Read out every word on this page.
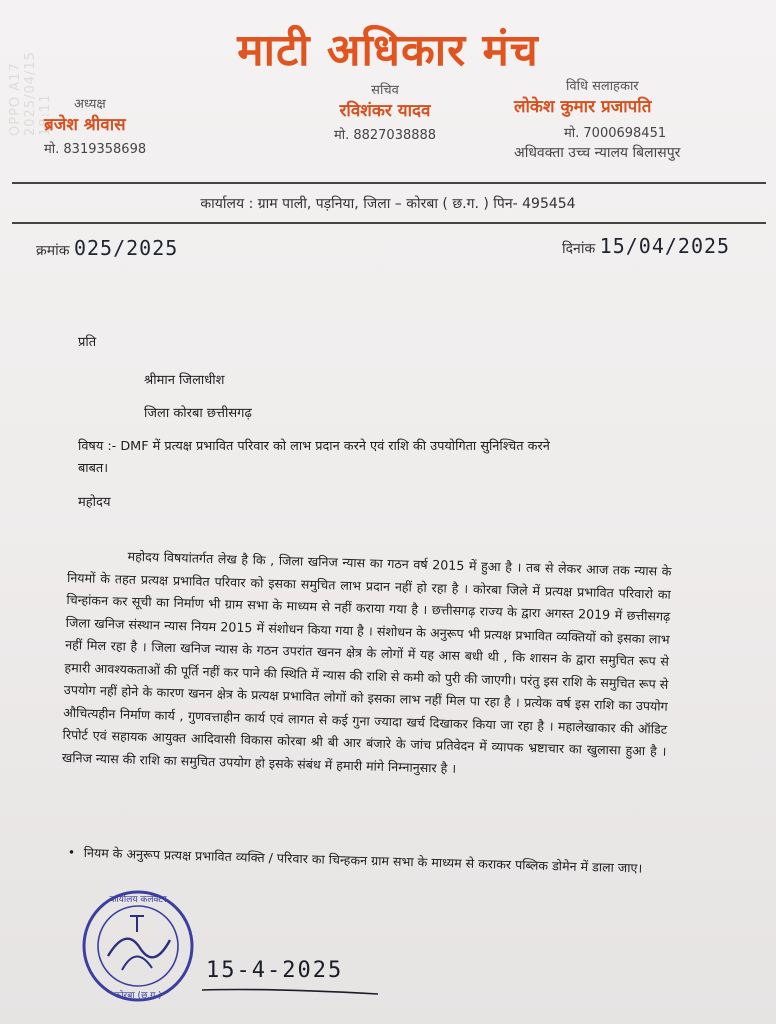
OPPO A17 2025/04/15 18:11
माटी अधिकार मंच
अध्यक्ष
ब्रजेश श्रीवास
मो. 8319358698
सचिव
रविशंकर यादव
मो. 8827038888
विधि सलाहकार
लोकेश कुमार प्रजापति
मो. 7000698451
अधिवक्ता उच्च न्यालय बिलासपुर
कार्यालय : ग्राम पाली, पड़निया, जिला – कोरबा ( छ.ग. ) पिन- 495454
क्रमांक 025/2025	दिनांक 15/04/2025
प्रति
श्रीमान जिलाधीश
जिला कोरबा छत्तीसगढ़
विषय :- DMF में प्रत्यक्ष प्रभावित परिवार को लाभ प्रदान करने एवं राशि की उपयोगिता सुनिश्चित करने
बाबत।
महोदय
महोदय विषयांतर्गत लेख है कि , जिला खनिज न्यास का गठन वर्ष 2015 में हुआ है । तब से लेकर आज तक न्यास के नियमों के तहत प्रत्यक्ष प्रभावित परिवार को इसका समुचित लाभ प्रदान नहीं हो रहा है । कोरबा जिले में प्रत्यक्ष प्रभावित परिवारो का चिन्हांकन कर सूची का निर्माण भी ग्राम सभा के माध्यम से नहीं कराया गया है । छत्तीसगढ़ राज्य के द्वारा अगस्त 2019 में छत्तीसगढ़ जिला खनिज संस्थान न्यास नियम 2015 में संशोधन किया गया है । संशोधन के अनुरूप भी प्रत्यक्ष प्रभावित व्यक्तियों को इसका लाभ नहीं मिल रहा है । जिला खनिज न्यास के गठन उपरांत खनन क्षेत्र के लोगों में यह आस बधी थी , कि शासन के द्वारा समुचित रूप से हमारी आवश्यकताओं की पूर्ति नहीं कर पाने की स्थिति में न्यास की राशि से कमी को पुरी की जाएगी। परंतु इस राशि के समुचित रूप से उपयोग नहीं होने के कारण खनन क्षेत्र के प्रत्यक्ष प्रभावित लोगों को इसका लाभ नहीं मिल पा रहा है । प्रत्येक वर्ष इस राशि का उपयोग औचित्यहीन निर्माण कार्य , गुणवत्ताहीन कार्य एवं लागत से कई गुना ज्यादा खर्च दिखाकर किया जा रहा है । महालेखाकार की ऑडिट रिपोर्ट एवं सहायक आयुक्त आदिवासी विकास कोरबा श्री बी आर बंजारे के जांच प्रतिवेदन में व्यापक भ्रष्टाचार का खुलासा हुआ है । खनिज न्यास की राशि का समुचित उपयोग हो इसके संबंध में हमारी मांगे निम्नानुसार है ।
• नियम के अनुरूप प्रत्यक्ष प्रभावित व्यक्ति / परिवार का चिन्हकन ग्राम सभा के माध्यम से कराकर पब्लिक डोमेन में डाला जाए।
कार्यालय कलेक्टर
कोरबा (छ.ग.)
15-4-2025
